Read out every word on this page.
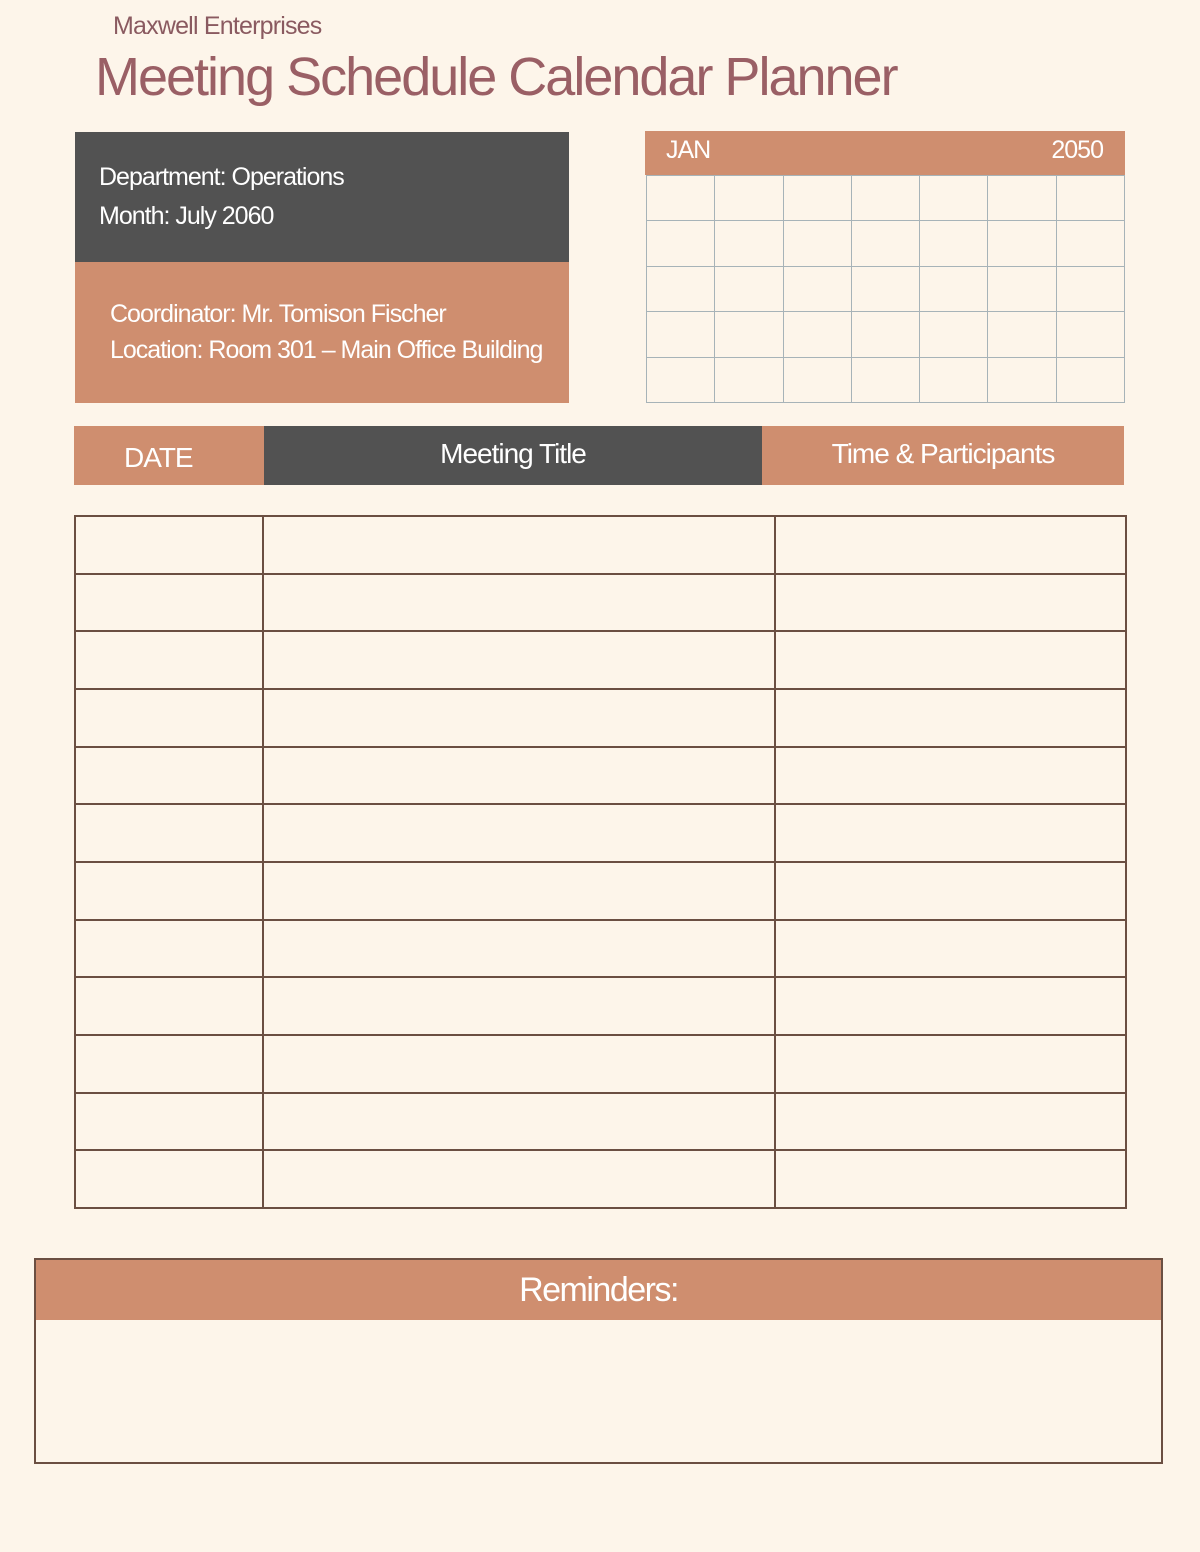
Maxwell Enterprises
Meeting Schedule Calendar Planner
Department: Operations
Month: July 2060
Coordinator: Mr. Tomison Fischer
Location: Room 301 – Main Office Building
JAN	2050
DATE	Meeting Title	Time & Participants

Reminders:
